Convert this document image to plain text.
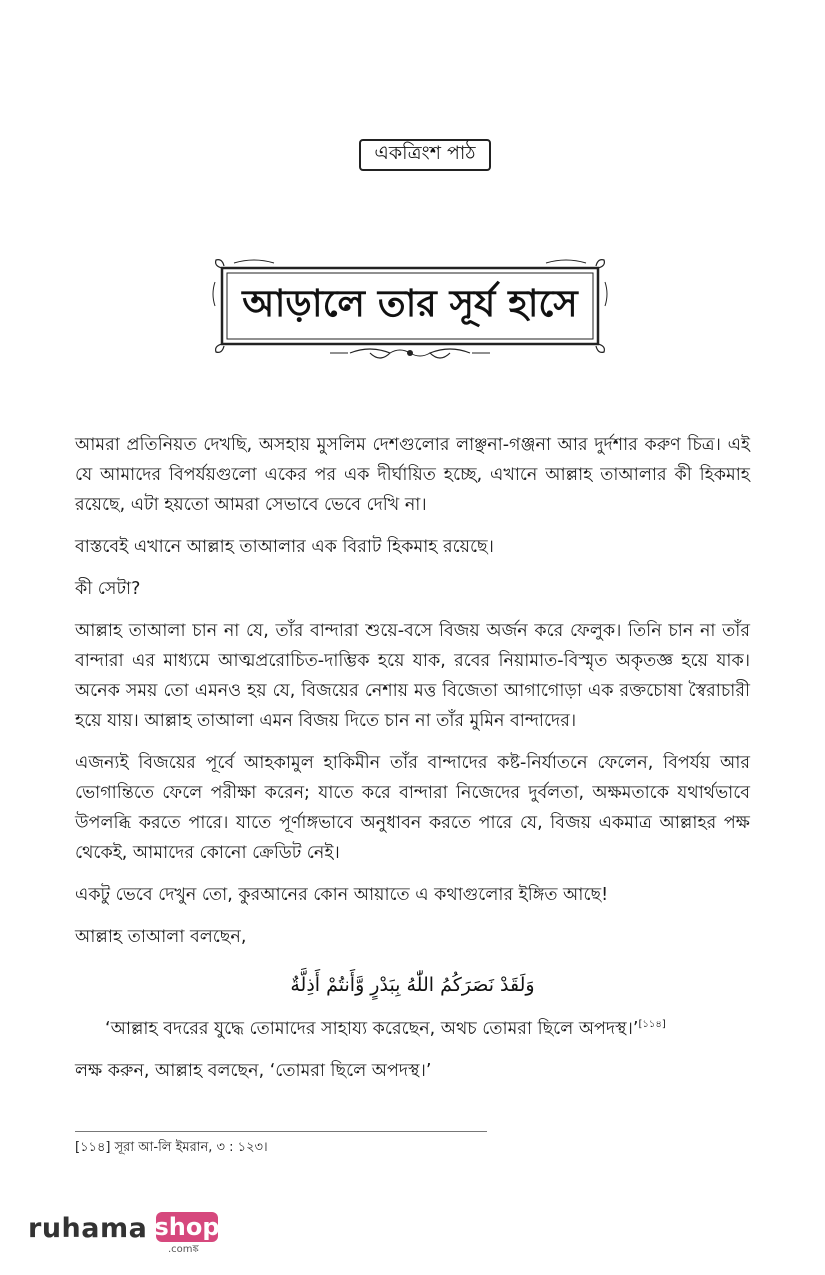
একত্রিংশ পাঠ
আড়ালে তার সূর্য হাসে

আমরা প্রতিনিয়ত দেখছি, অসহায় মুসলিম দেশগুলোর লাঞ্ছনা-গঞ্জনা আর দুর্দশার করুণ চিত্র। এই যে আমাদের বিপর্যয়গুলো একের পর এক দীর্ঘায়িত হচ্ছে, এখানে আল্লাহ তাআলার কী হিকমাহ রয়েছে, এটা হয়তো আমরা সেভাবে ভেবে দেখি না।

বাস্তবেই এখানে আল্লাহ তাআলার এক বিরাট হিকমাহ রয়েছে।

কী সেটা?

আল্লাহ তাআলা চান না যে, তাঁর বান্দারা শুয়ে-বসে বিজয় অর্জন করে ফেলুক। তিনি চান না তাঁর বান্দারা এর মাধ্যমে আত্মপ্ররোচিত-দাম্ভিক হয়ে যাক, রবের নিয়ামাত-বিস্মৃত অকৃতজ্ঞ হয়ে যাক। অনেক সময় তো এমনও হয় যে, বিজয়ের নেশায় মত্ত বিজেতা আগাগোড়া এক রক্তচোষা স্বৈরাচারী হয়ে যায়। আল্লাহ তাআলা এমন বিজয় দিতে চান না তাঁর মুমিন বান্দাদের।

এজন্যই বিজয়ের পূর্বে আহকামুল হাকিমীন তাঁর বান্দাদের কষ্ট-নির্যাতনে ফেলেন, বিপর্যয় আর ভোগান্তিতে ফেলে পরীক্ষা করেন; যাতে করে বান্দারা নিজেদের দুর্বলতা, অক্ষমতাকে যথার্থভাবে উপলব্ধি করতে পারে। যাতে পূর্ণাঙ্গভাবে অনুধাবন করতে পারে যে, বিজয় একমাত্র আল্লাহর পক্ষ থেকেই, আমাদের কোনো ক্রেডিট নেই।

একটু ভেবে দেখুন তো, কুরআনের কোন আয়াতে এ কথাগুলোর ইঙ্গিত আছে!

আল্লাহ তাআলা বলছেন,

وَلَقَدْ نَصَرَكُمُ اللّٰهُ بِبَدْرٍ وَّأَنتُمْ أَذِلَّةٌ

‘আল্লাহ বদরের যুদ্ধে তোমাদের সাহায্য করেছেন, অথচ তোমরা ছিলে অপদস্থ।’[১১৪]

লক্ষ করুন, আল্লাহ বলছেন, ‘তোমরা ছিলে অপদস্থ।’

[১১৪] সূরা আ-লি ইমরান, ৩ : ১২৩।
ruhama shop
.comঙ্ক
